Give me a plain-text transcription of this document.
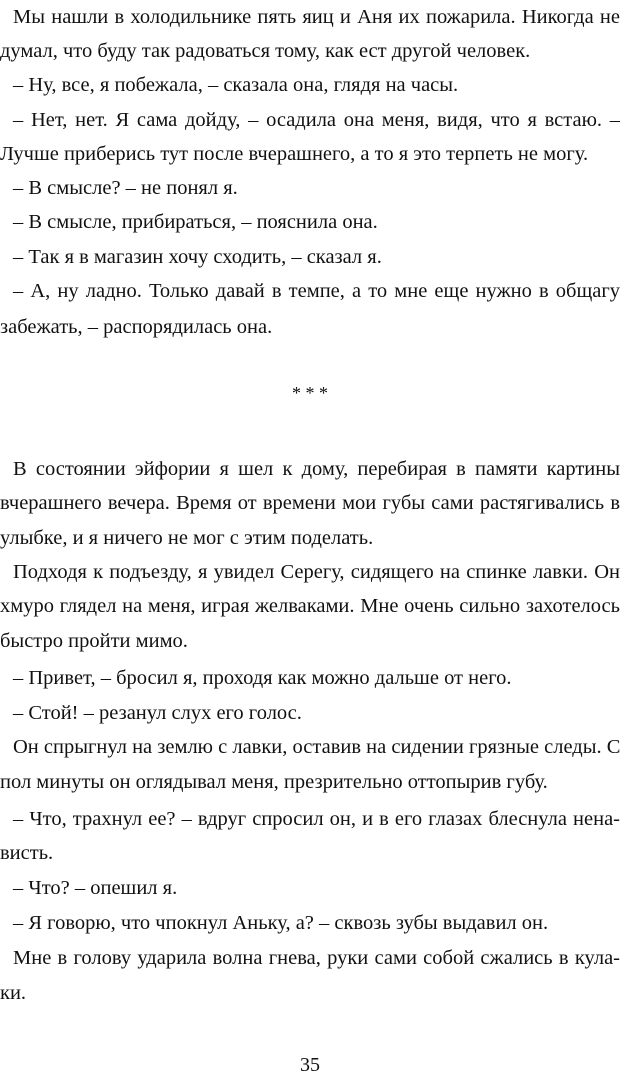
Мы нашли в холодильнике пять яиц и Аня их пожарила. Никогда не
думал, что буду так радоваться тому, как ест другой человек.
– Ну, все, я побежала, – сказала она, глядя на часы.
– Нет, нет. Я сама дойду, – осадила она меня, видя, что я встаю. –
Лучше приберись тут после вчерашнего, а то я это терпеть не могу.
– В смысле? – не понял я.
– В смысле, прибираться, – пояснила она.
– Так я в магазин хочу сходить, – сказал я.
– А, ну ладно. Только давай в темпе, а то мне еще нужно в общагу
забежать, – распорядилась она.
* * *
В состоянии эйфории я шел к дому, перебирая в памяти картины
вчерашнего вечера. Время от времени мои губы сами растягивались в
улыбке, и я ничего не мог с этим поделать.
Подходя к подъезду, я увидел Серегу, сидящего на спинке лавки. Он
хмуро глядел на меня, играя желваками. Мне очень сильно захотелось
быстро пройти мимо.
– Привет, – бросил я, проходя как можно дальше от него.
– Стой! – резанул слух его голос.
Он спрыгнул на землю с лавки, оставив на сидении грязные следы. С
пол минуты он оглядывал меня, презрительно оттопырив губу.
– Что, трахнул ее? – вдруг спросил он, и в его глазах блеснула нена-
висть.
– Что? – опешил я.
– Я говорю, что чпокнул Аньку, а? – сквозь зубы выдавил он.
Мне в голову ударила волна гнева, руки сами собой сжались в кула-
ки.
35
